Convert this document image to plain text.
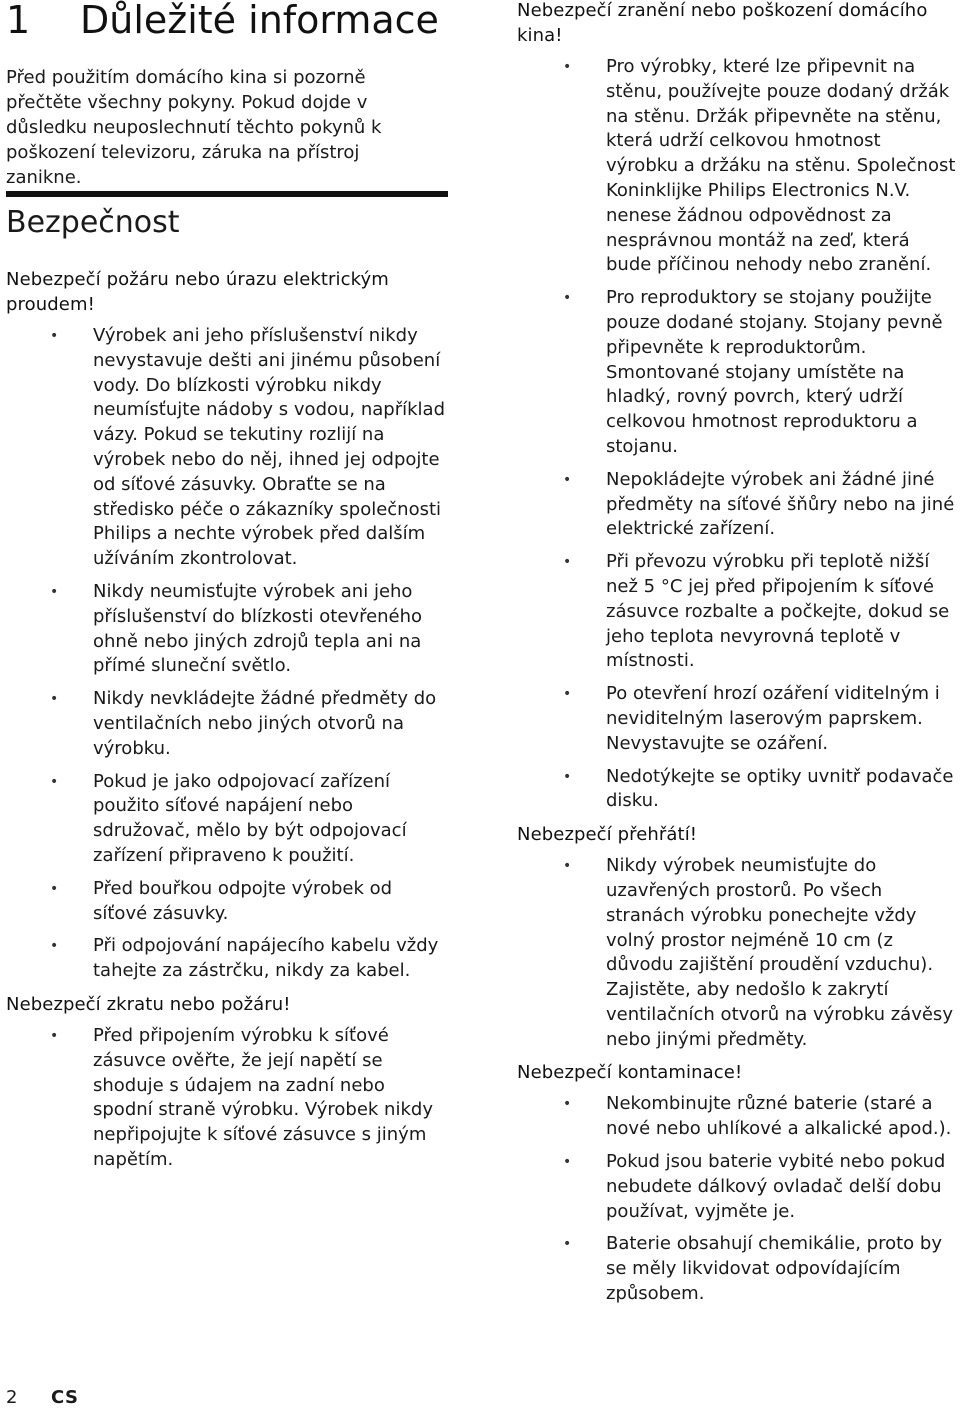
1 Důležité informace

Před použitím domácího kina si pozorně přečtěte všechny pokyny. Pokud dojde v důsledku neuposlechnutí těchto pokynů k poškození televizoru, záruka na přístroj zanikne.

Bezpečnost
Nebezpečí požáru nebo úrazu elektrickým proudem!
• Výrobek ani jeho příslušenství nikdy nevystavuje dešti ani jinému působení vody. Do blízkosti výrobku nikdy neumísťujte nádoby s vodou, například vázy. Pokud se tekutiny rozlijí na výrobek nebo do něj, ihned jej odpojte od síťové zásuvky. Obraťte se na středisko péče o zákazníky společnosti Philips a nechte výrobek před dalším užíváním zkontrolovat.
• Nikdy neumisťujte výrobek ani jeho příslušenství do blízkosti otevřeného ohně nebo jiných zdrojů tepla ani na přímé sluneční světlo.
• Nikdy nevkládejte žádné předměty do ventilačních nebo jiných otvorů na výrobku.
• Pokud je jako odpojovací zařízení použito síťové napájení nebo sdružovač, mělo by být odpojovací zařízení připraveno k použití.
• Před bouřkou odpojte výrobek od síťové zásuvky.
• Při odpojování napájecího kabelu vždy tahejte za zástrčku, nikdy za kabel.
Nebezpečí zkratu nebo požáru!
• Před připojením výrobku k síťové zásuvce ověřte, že její napětí se shoduje s údajem na zadní nebo spodní straně výrobku. Výrobek nikdy nepřipojujte k síťové zásuvce s jiným napětím.
Nebezpečí zranění nebo poškození domácího kina!
• Pro výrobky, které lze připevnit na stěnu, používejte pouze dodaný držák na stěnu. Držák připevněte na stěnu, která udrží celkovou hmotnost výrobku a držáku na stěnu. Společnost Koninklijke Philips Electronics N.V. nenese žádnou odpovědnost za nesprávnou montáž na zeď, která bude příčinou nehody nebo zranění.
• Pro reproduktory se stojany použijte pouze dodané stojany. Stojany pevně připevněte k reproduktorům. Smontované stojany umístěte na hladký, rovný povrch, který udrží celkovou hmotnost reproduktoru a stojanu.
• Nepokládejte výrobek ani žádné jiné předměty na síťové šňůry nebo na jiné elektrické zařízení.
• Při převozu výrobku při teplotě nižší než 5 °C jej před připojením k síťové zásuvce rozbalte a počkejte, dokud se jeho teplota nevyrovná teplotě v místnosti.
• Po otevření hrozí ozáření viditelným i neviditelným laserovým paprskem. Nevystavujte se ozáření.
• Nedotýkejte se optiky uvnitř podavače disku.
Nebezpečí přehřátí!
• Nikdy výrobek neumisťujte do uzavřených prostorů. Po všech stranách výrobku ponechejte vždy volný prostor nejméně 10 cm (z důvodu zajištění proudění vzduchu). Zajistěte, aby nedošlo k zakrytí ventilačních otvorů na výrobku závěsy nebo jinými předměty.
Nebezpečí kontaminace!
• Nekombinujte různé baterie (staré a nové nebo uhlíkové a alkalické apod.).
• Pokud jsou baterie vybité nebo pokud nebudete dálkový ovladač delší dobu používat, vyjměte je.
• Baterie obsahují chemikálie, proto by se měly likvidovat odpovídajícím způsobem.
2 CS
